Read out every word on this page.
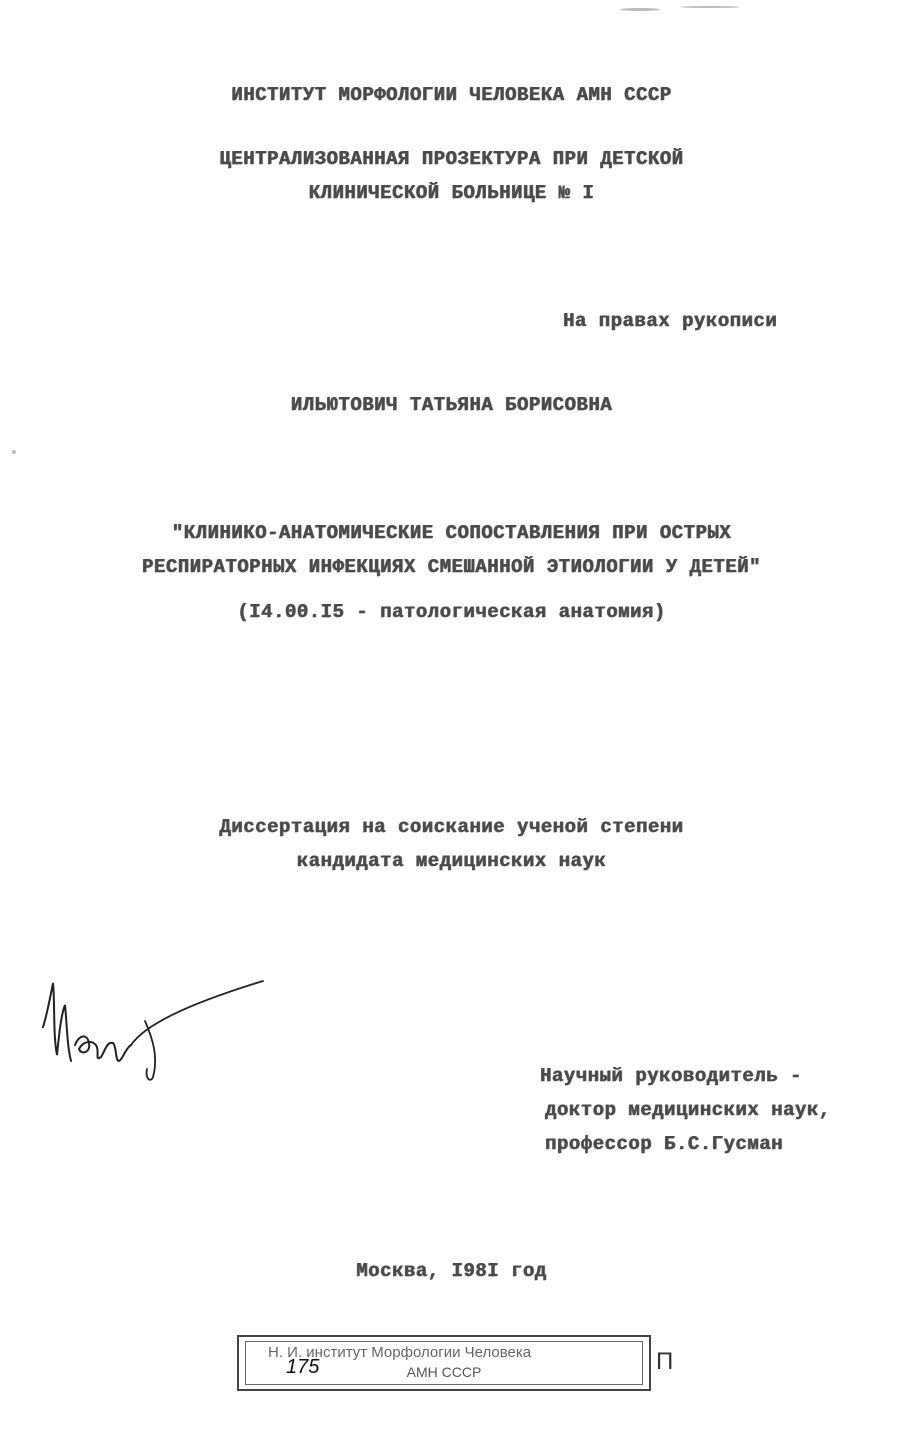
ИНСТИТУТ МОРФОЛОГИИ ЧЕЛОВЕКА АМН СССР
ЦЕНТРАЛИЗОВАННАЯ ПРОЗЕКТУРА ПРИ ДЕТСКОЙ
КЛИНИЧЕСКОЙ БОЛЬНИЦЕ № I
На правах рукописи
ИЛЬЮТОВИЧ ТАТЬЯНА БОРИСОВНА
"КЛИНИКО-АНАТОМИЧЕСКИЕ СОПОСТАВЛЕНИЯ ПРИ ОСТРЫХ
РЕСПИРАТОРНЫХ ИНФЕКЦИЯХ СМЕШАННОЙ ЭТИОЛОГИИ У ДЕТЕЙ"
(I4.00.I5 - патологическая анатомия)
Диссертация на соискание ученой степени
кандидата медицинских наук
Научный руководитель -
доктор медицинских наук,
профессор Б.С.Гусман
Москва, I98I год
Н. И. институт Морфологии Человека
АМН СССР
175	П
